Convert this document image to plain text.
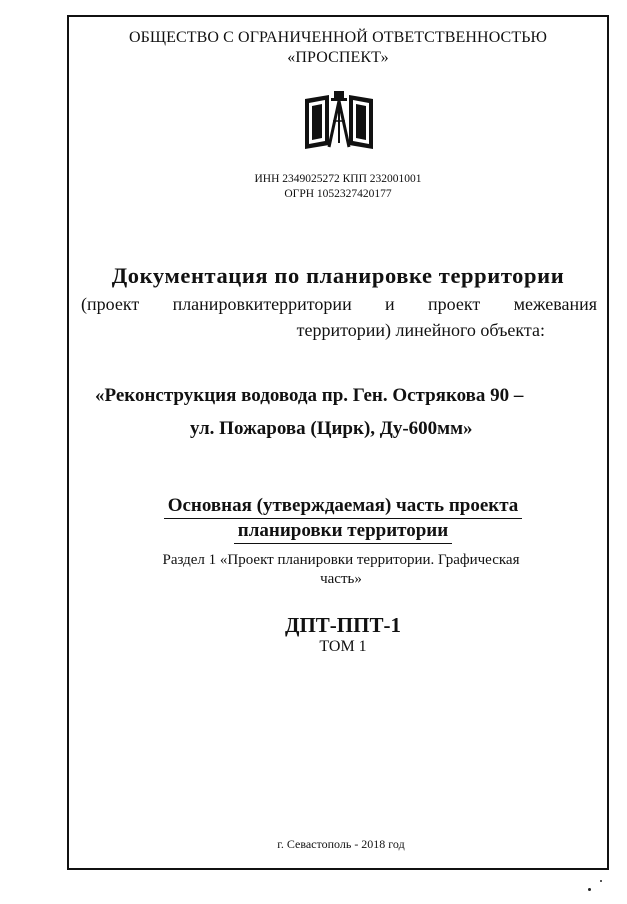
ОБЩЕСТВО С ОГРАНИЧЕННОЙ ОТВЕТСТВЕННОСТЬЮ
«ПРОСПЕКТ»
ИНН 2349025272 КПП 232001001
ОГРН 1052327420177
Документация по планировке территории
(проект планировкитерритории и проект межевания
территории) линейного объекта:
«Реконструкция водовода пр. Ген. Острякова 90 –
ул. Пожарова (Цирк), Ду-600мм»
Основная (утверждаемая) часть проекта
планировки территории
Раздел 1 «Проект планировки территории. Графическая
часть»
ДПТ-ППТ-1
ТОМ 1
г. Севастополь - 2018 год
